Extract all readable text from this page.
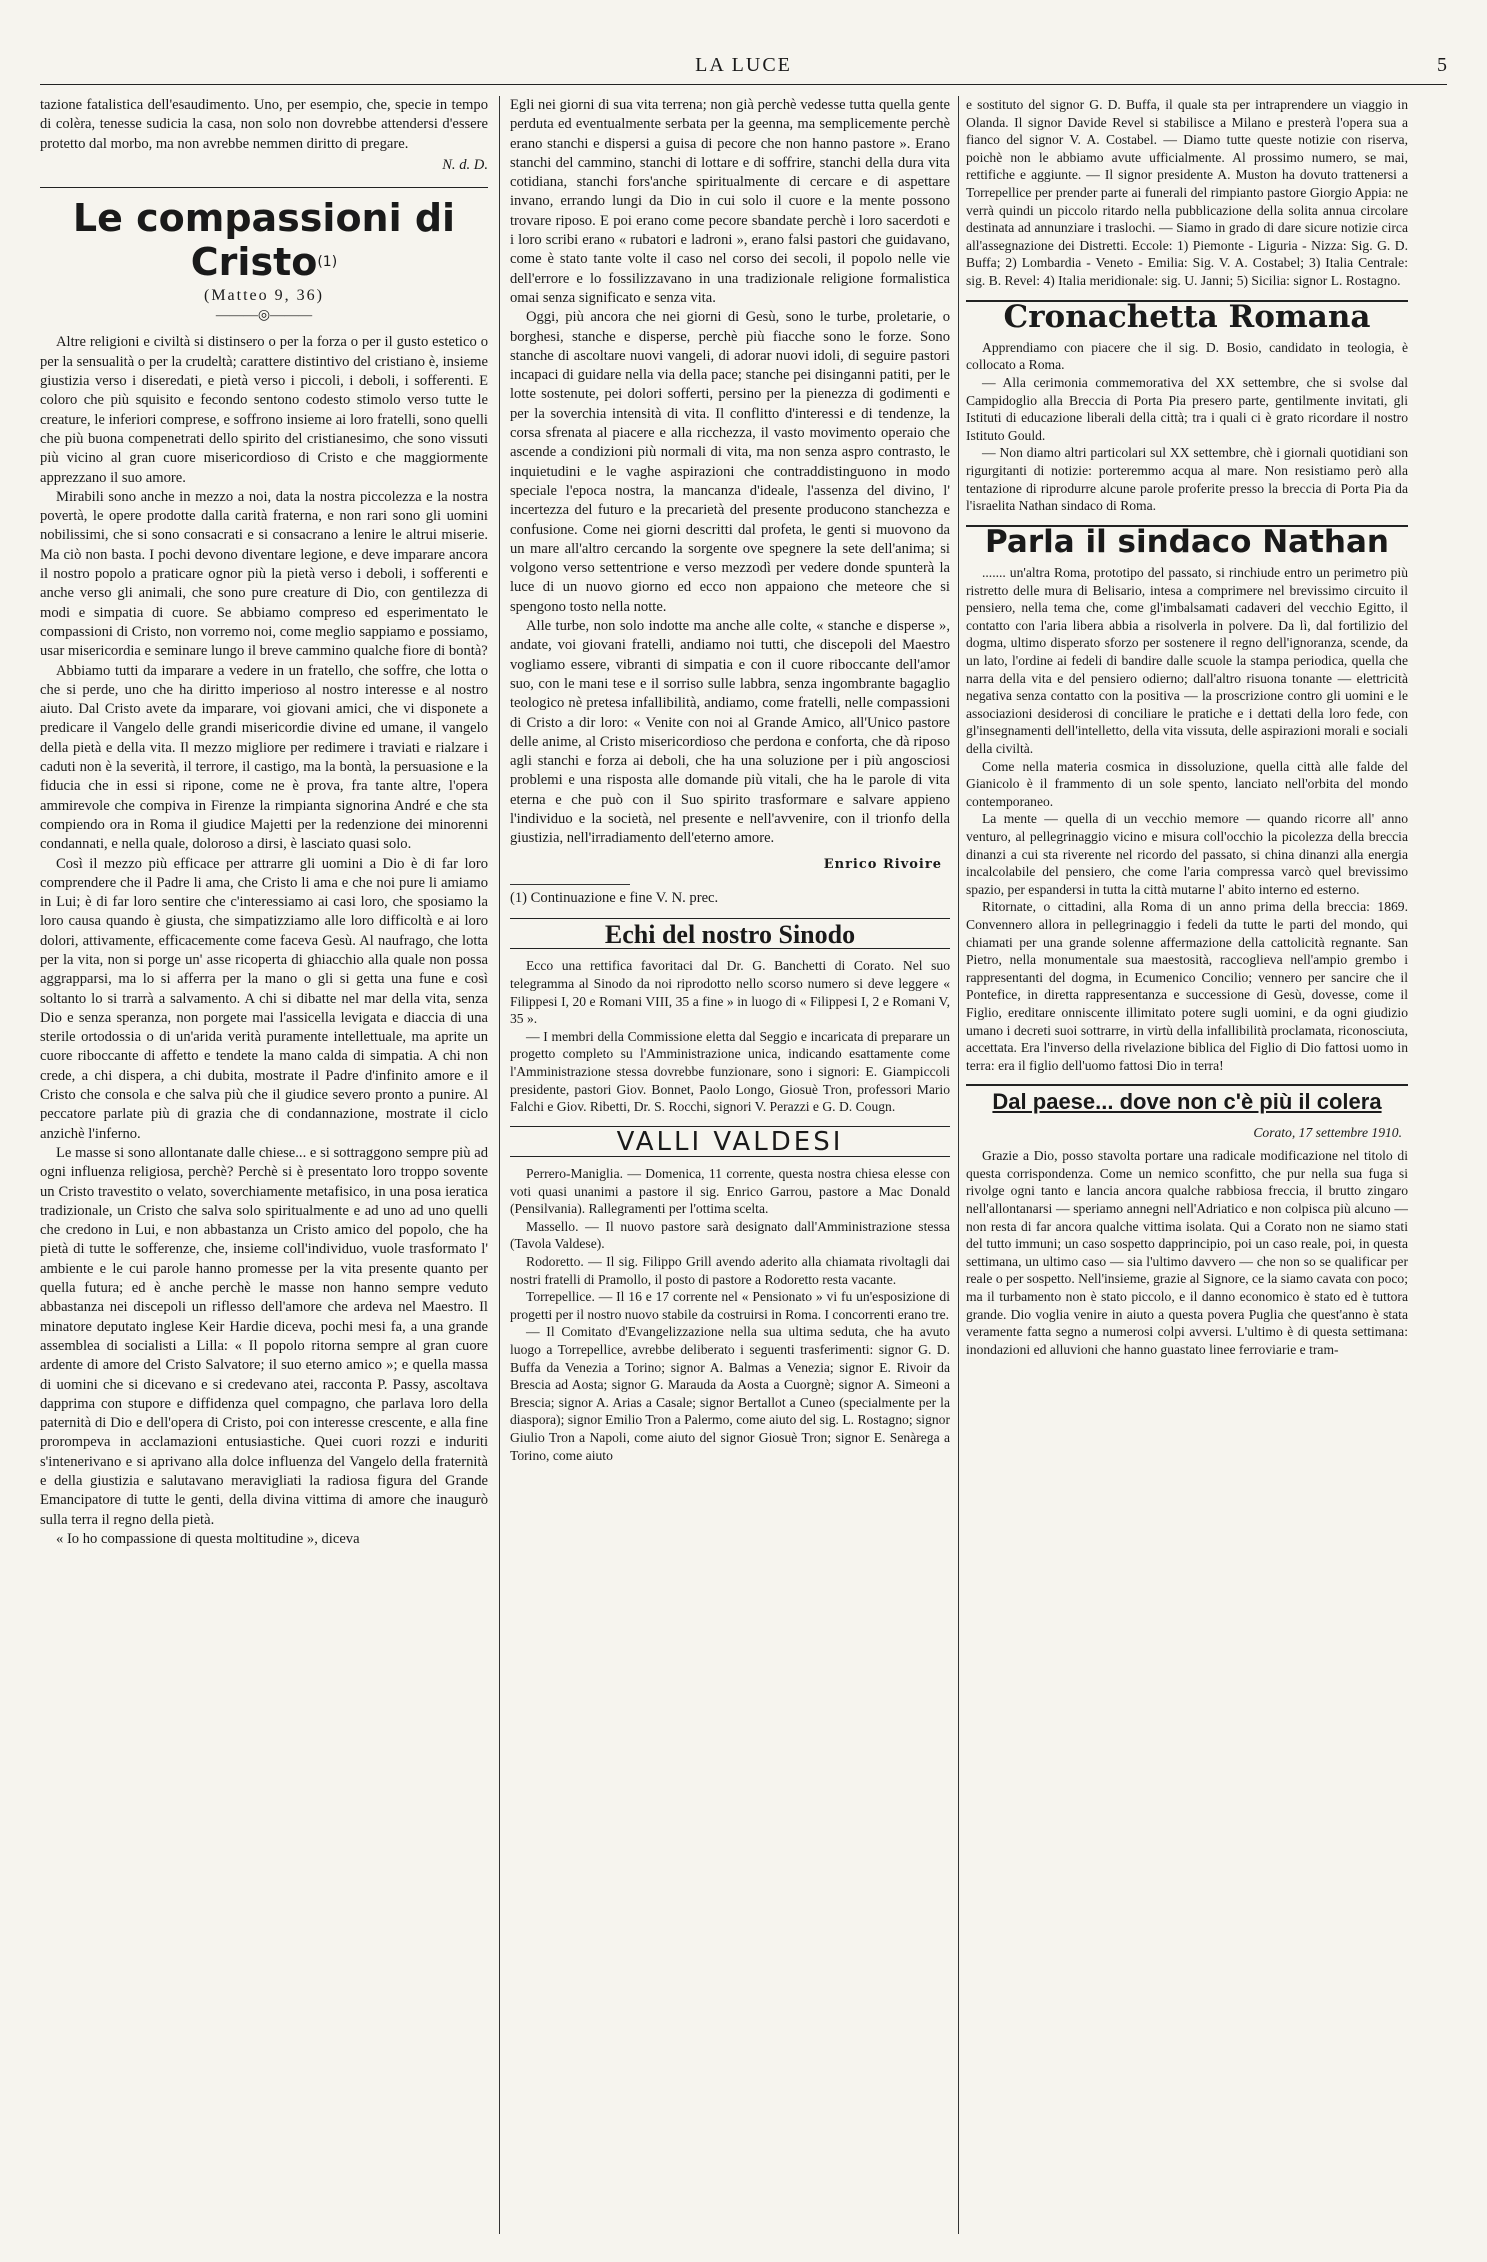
LA LUCE	5

tazione fatalistica dell'esaudimento. Uno, per esempio, che, specie in tempo di colèra, tenesse sudicia la casa, non solo non dovrebbe attendersi d'essere protetto dal morbo, ma non avrebbe nemmen diritto di pregare.

N. d. D.
Le compassioni di Cristo$^{(1)}$
(Matteo 9, 36)
———◎———

Altre religioni e civiltà si distinsero o per la forza o per il gusto estetico o per la sensualità o per la crudeltà; carattere distintivo del cristiano è, insieme giustizia verso i diseredati, e pietà verso i piccoli, i deboli, i sofferenti. E coloro che più squisito e fecondo sentono codesto stimolo verso tutte le creature, le inferiori comprese, e soffrono insieme ai loro fratelli, sono quelli che più buona compenetrati dello spirito del cristianesimo, che sono vissuti più vicino al gran cuore misericordioso di Cristo e che maggiormente apprezzano il suo amore.

Mirabili sono anche in mezzo a noi, data la nostra piccolezza e la nostra povertà, le opere prodotte dalla carità fraterna, e non rari sono gli uomini nobilissimi, che si sono consacrati e si consacrano a lenire le altrui miserie. Ma ciò non basta. I pochi devono diventare legione, e deve imparare ancora il nostro popolo a praticare ognor più la pietà verso i deboli, i sofferenti e anche verso gli animali, che sono pure creature di Dio, con gentilezza di modi e simpatia di cuore. Se abbiamo compreso ed esperimentato le compassioni di Cristo, non vorremo noi, come meglio sappiamo e possiamo, usar misericordia e seminare lungo il breve cammino qualche fiore di bontà?

Abbiamo tutti da imparare a vedere in un fratello, che soffre, che lotta o che si perde, uno che ha diritto imperioso al nostro interesse e al nostro aiuto. Dal Cristo avete da imparare, voi giovani amici, che vi disponete a predicare il Vangelo delle grandi misericordie divine ed umane, il vangelo della pietà e della vita. Il mezzo migliore per redimere i traviati e rialzare i caduti non è la severità, il terrore, il castigo, ma la bontà, la persuasione e la fiducia che in essi si ripone, come ne è prova, fra tante altre, l'opera ammirevole che compiva in Firenze la rimpianta signorina André e che sta compiendo ora in Roma il giudice Majetti per la redenzione dei minorenni condannati, e nella quale, doloroso a dirsi, è lasciato quasi solo.

Così il mezzo più efficace per attrarre gli uomini a Dio è di far loro comprendere che il Padre li ama, che Cristo li ama e che noi pure li amiamo in Lui; è di far loro sentire che c'interessiamo ai casi loro, che sposiamo la loro causa quando è giusta, che simpatizziamo alle loro difficoltà e ai loro dolori, attivamente, efficacemente come faceva Gesù. Al naufrago, che lotta per la vita, non si porge un' asse ricoperta di ghiacchio alla quale non possa aggrapparsi, ma lo si afferra per la mano o gli si getta una fune e così soltanto lo si trarrà a salvamento. A chi si dibatte nel mar della vita, senza Dio e senza speranza, non porgete mai l'assicella levigata e diaccia di una sterile ortodossia o di un'arida verità puramente intellettuale, ma aprite un cuore riboccante di affetto e tendete la mano calda di simpatia. A chi non crede, a chi dispera, a chi dubita, mostrate il Padre d'infinito amore e il Cristo che consola e che salva più che il giudice severo pronto a punire. Al peccatore parlate più di grazia che di condannazione, mostrate il ciclo anzichè l'inferno.

Le masse si sono allontanate dalle chiese... e si sottraggono sempre più ad ogni influenza religiosa, perchè? Perchè si è presentato loro troppo sovente un Cristo travestito o velato, soverchiamente metafisico, in una posa ieratica tradizionale, un Cristo che salva solo spiritualmente e ad uno ad uno quelli che credono in Lui, e non abbastanza un Cristo amico del popolo, che ha pietà di tutte le sofferenze, che, insieme coll'individuo, vuole trasformato l' ambiente e le cui parole hanno promesse per la vita presente quanto per quella futura; ed è anche perchè le masse non hanno sempre veduto abbastanza nei discepoli un riflesso dell'amore che ardeva nel Maestro. Il minatore deputato inglese Keir Hardie diceva, pochi mesi fa, a una grande assemblea di socialisti a Lilla: « Il popolo ritorna sempre al gran cuore ardente di amore del Cristo Salvatore; il suo eterno amico »; e quella massa di uomini che si dicevano e si credevano atei, racconta P. Passy, ascoltava dapprima con stupore e diffidenza quel compagno, che parlava loro della paternità di Dio e dell'opera di Cristo, poi con interesse crescente, e alla fine prorompeva in acclamazioni entusiastiche. Quei cuori rozzi e induriti s'intenerivano e si aprivano alla dolce influenza del Vangelo della fraternità e della giustizia e salutavano meravigliati la radiosa figura del Grande Emancipatore di tutte le genti, della divina vittima di amore che inaugurò sulla terra il regno della pietà.

« Io ho compassione di questa moltitudine », diceva

Egli nei giorni di sua vita terrena; non già perchè vedesse tutta quella gente perduta ed eventualmente serbata per la geenna, ma semplicemente perchè erano stanchi e dispersi a guisa di pecore che non hanno pastore ». Erano stanchi del cammino, stanchi di lottare e di soffrire, stanchi della dura vita cotidiana, stanchi fors'anche spiritualmente di cercare e di aspettare invano, errando lungi da Dio in cui solo il cuore e la mente possono trovare riposo. E poi erano come pecore sbandate perchè i loro sacerdoti e i loro scribi erano « rubatori e ladroni », erano falsi pastori che guidavano, come è stato tante volte il caso nel corso dei secoli, il popolo nelle vie dell'errore e lo fossilizzavano in una tradizionale religione formalistica omai senza significato e senza vita.

Oggi, più ancora che nei giorni di Gesù, sono le turbe, proletarie, o borghesi, stanche e disperse, perchè più fiacche sono le forze. Sono stanche di ascoltare nuovi vangeli, di adorar nuovi idoli, di seguire pastori incapaci di guidare nella via della pace; stanche pei disinganni patiti, per le lotte sostenute, pei dolori sofferti, persino per la pienezza di godimenti e per la soverchia intensità di vita. Il conflitto d'interessi e di tendenze, la corsa sfrenata al piacere e alla ricchezza, il vasto movimento operaio che ascende a condizioni più normali di vita, ma non senza aspro contrasto, le inquietudini e le vaghe aspirazioni che contraddistinguono in modo speciale l'epoca nostra, la mancanza d'ideale, l'assenza del divino, l' incertezza del futuro e la precarietà del presente producono stanchezza e confusione. Come nei giorni descritti dal profeta, le genti si muovono da un mare all'altro cercando la sorgente ove spegnere la sete dell'anima; si volgono verso settentrione e verso mezzodì per vedere donde spunterà la luce di un nuovo giorno ed ecco non appaiono che meteore che si spengono tosto nella notte.

Alle turbe, non solo indotte ma anche alle colte, « stanche e disperse », andate, voi giovani fratelli, andiamo noi tutti, che discepoli del Maestro vogliamo essere, vibranti di simpatia e con il cuore riboccante dell'amor suo, con le mani tese e il sorriso sulle labbra, senza ingombrante bagaglio teologico nè pretesa infallibilità, andiamo, come fratelli, nelle compassioni di Cristo a dir loro: « Venite con noi al Grande Amico, all'Unico pastore delle anime, al Cristo misericordioso che perdona e conforta, che dà riposo agli stanchi e forza ai deboli, che ha una soluzione per i più angosciosi problemi e una risposta alle domande più vitali, che ha le parole di vita eterna e che può con il Suo spirito trasformare e salvare appieno l'individuo e la società, nel presente e nell'avvenire, con il trionfo della giustizia, nell'irradiamento dell'eterno amore.

Enrico Rivoire

(1) Continuazione e fine V. N. prec.

Echi del nostro Sinodo

Ecco una rettifica favoritaci dal Dr. G. Banchetti di Corato. Nel suo telegramma al Sinodo da noi riprodotto nello scorso numero si deve leggere « Filippesi I, 20 e Romani VIII, 35 a fine » in luogo di « Filippesi I, 2 e Romani V, 35 ».

— I membri della Commissione eletta dal Seggio e incaricata di preparare un progetto completo su l'Amministrazione unica, indicando esattamente come l'Amministrazione stessa dovrebbe funzionare, sono i signori: E. Giampiccoli presidente, pastori Giov. Bonnet, Paolo Longo, Giosuè Tron, professori Mario Falchi e Giov. Ribetti, Dr. S. Rocchi, signori V. Perazzi e G. D. Cougn.

VALLI VALDESI

Perrero-Maniglia. — Domenica, 11 corrente, questa nostra chiesa elesse con voti quasi unanimi a pastore il sig. Enrico Garrou, pastore a Mac Donald (Pensilvania). Rallegramenti per l'ottima scelta.

Massello. — Il nuovo pastore sarà designato dall'Amministrazione stessa (Tavola Valdese).

Rodoretto. — Il sig. Filippo Grill avendo aderito alla chiamata rivoltagli dai nostri fratelli di Pramollo, il posto di pastore a Rodoretto resta vacante.

Torrepellice. — Il 16 e 17 corrente nel « Pensionato » vi fu un'esposizione di progetti per il nostro nuovo stabile da costruirsi in Roma. I concorrenti erano tre.

— Il Comitato d'Evangelizzazione nella sua ultima seduta, che ha avuto luogo a Torrepellice, avrebbe deliberato i seguenti trasferimenti: signor G. D. Buffa da Venezia a Torino; signor A. Balmas a Venezia; signor E. Rivoir da Brescia ad Aosta; signor G. Marauda da Aosta a Cuorgnè; signor A. Simeoni a Brescia; signor A. Arias a Casale; signor Bertallot a Cuneo (specialmente per la diaspora); signor Emilio Tron a Palermo, come aiuto del sig. L. Rostagno; signor Giulio Tron a Napoli, come aiuto del signor Giosuè Tron; signor E. Senàrega a Torino, come aiuto

e sostituto del signor G. D. Buffa, il quale sta per intraprendere un viaggio in Olanda. Il signor Davide Revel si stabilisce a Milano e presterà l'opera sua a fianco del signor V. A. Costabel. — Diamo tutte queste notizie con riserva, poichè non le abbiamo avute ufficialmente. Al prossimo numero, se mai, rettifiche e aggiunte. — Il signor presidente A. Muston ha dovuto trattenersi a Torrepellice per prender parte ai funerali del rimpianto pastore Giorgio Appia: ne verrà quindi un piccolo ritardo nella pubblicazione della solita annua circolare destinata ad annunziare i traslochi. — Siamo in grado di dare sicure notizie circa all'assegnazione dei Distretti. Eccole: 1) Piemonte - Liguria - Nizza: Sig. G. D. Buffa; 2) Lombardia - Veneto - Emilia: Sig. V. A. Costabel; 3) Italia Centrale: sig. B. Revel: 4) Italia meridionale: sig. U. Janni; 5) Sicilia: signor L. Rostagno.

Cronachetta Romana

Apprendiamo con piacere che il sig. D. Bosio, candidato in teologia, è collocato a Roma.

— Alla cerimonia commemorativa del XX settembre, che si svolse dal Campidoglio alla Breccia di Porta Pia presero parte, gentilmente invitati, gli Istituti di educazione liberali della città; tra i quali ci è grato ricordare il nostro Istituto Gould.

— Non diamo altri particolari sul XX settembre, chè i giornali quotidiani son rigurgitanti di notizie: porteremmo acqua al mare. Non resistiamo però alla tentazione di riprodurre alcune parole proferite presso la breccia di Porta Pia da l'israelita Nathan sindaco di Roma.

Parla il sindaco Nathan

....... un'altra Roma, prototipo del passato, si rinchiude entro un perimetro più ristretto delle mura di Belisario, intesa a comprimere nel brevissimo circuito il pensiero, nella tema che, come gl'imbalsamati cadaveri del vecchio Egitto, il contatto con l'aria libera abbia a risolverla in polvere. Da lì, dal fortilizio del dogma, ultimo disperato sforzo per sostenere il regno dell'ignoranza, scende, da un lato, l'ordine ai fedeli di bandire dalle scuole la stampa periodica, quella che narra della vita e del pensiero odierno; dall'altro risuona tonante — elettricità negativa senza contatto con la positiva — la proscrizione contro gli uomini e le associazioni desiderosi di conciliare le pratiche e i dettati della loro fede, con gl'insegnamenti dell'intelletto, della vita vissuta, delle aspirazioni morali e sociali della civiltà.

Come nella materia cosmica in dissoluzione, quella città alle falde del Gianicolo è il frammento di un sole spento, lanciato nell'orbita del mondo contemporaneo.

La mente — quella di un vecchio memore — quando ricorre all' anno venturo, al pellegrinaggio vicino e misura coll'occhio la picolezza della breccia dinanzi a cui sta riverente nel ricordo del passato, si china dinanzi alla energia incalcolabile del pensiero, che come l'aria compressa varcò quel brevissimo spazio, per espandersi in tutta la città mutarne l' abito interno ed esterno.

Ritornate, o cittadini, alla Roma di un anno prima della breccia: 1869. Convennero allora in pellegrinaggio i fedeli da tutte le parti del mondo, qui chiamati per una grande solenne affermazione della cattolicità regnante. San Pietro, nella monumentale sua maestosità, raccoglieva nell'ampio grembo i rappresentanti del dogma, in Ecumenico Concilio; vennero per sancire che il Pontefice, in diretta rappresentanza e successione di Gesù, dovesse, come il Figlio, ereditare onniscente illimitato potere sugli uomini, e da ogni giudizio umano i decreti suoi sottrarre, in virtù della infallibilità proclamata, riconosciuta, accettata. Era l'inverso della rivelazione biblica del Figlio di Dio fattosi uomo in terra: era il figlio dell'uomo fattosi Dio in terra!

Dal paese... dove non c'è più il colera
Corato, 17 settembre 1910.

Grazie a Dio, posso stavolta portare una radicale modificazione nel titolo di questa corrispondenza. Come un nemico sconfitto, che pur nella sua fuga si rivolge ogni tanto e lancia ancora qualche rabbiosa freccia, il brutto zingaro nell'allontanarsi — speriamo annegni nell'Adriatico e non colpisca più alcuno — non resta di far ancora qualche vittima isolata. Qui a Corato non ne siamo stati del tutto immuni; un caso sospetto dapprincipio, poi un caso reale, poi, in questa settimana, un ultimo caso — sia l'ultimo davvero — che non so se qualificar per reale o per sospetto. Nell'insieme, grazie al Signore, ce la siamo cavata con poco; ma il turbamento non è stato piccolo, e il danno economico è stato ed è tuttora grande. Dio voglia venire in aiuto a questa povera Puglia che quest'anno è stata veramente fatta segno a numerosi colpi avversi. L'ultimo è di questa settimana: inondazioni ed alluvioni che hanno guastato linee ferroviarie e tram-
